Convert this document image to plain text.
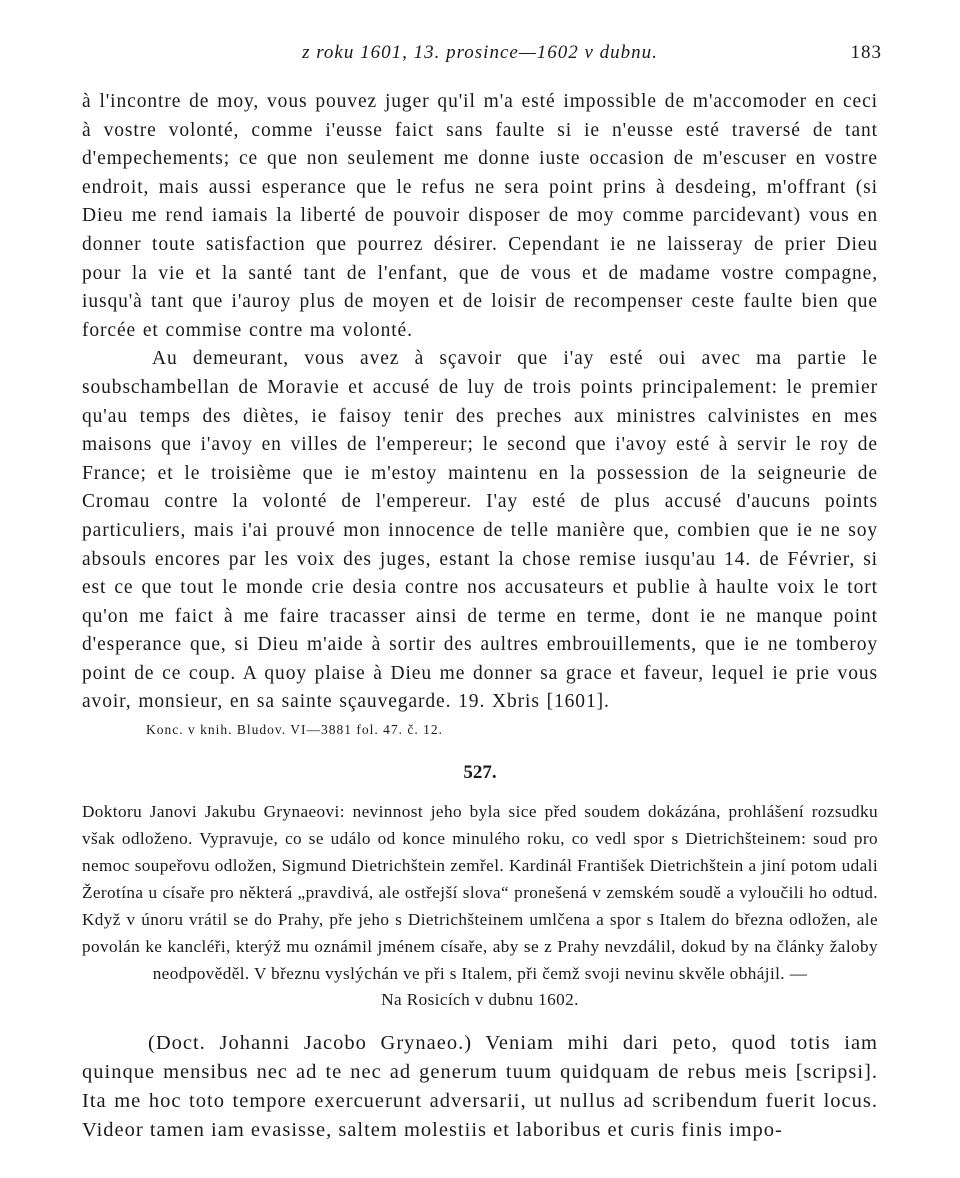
z roku 1601, 13. prosince—1602 v dubnu.	183

à l'incontre de moy, vous pouvez juger qu'il m'a esté impossible de m'accomoder en ceci à vostre volonté, comme i'eusse faict sans faulte si ie n'eusse esté traversé de tant d'empechements; ce que non seulement me donne iuste occasion de m'escuser en vostre endroit, mais aussi esperance que le refus ne sera point prins à desdeing, m'offrant (si Dieu me rend iamais la liberté de pouvoir disposer de moy comme parcidevant) vous en donner toute satisfaction que pourrez désirer. Cependant ie ne laisseray de prier Dieu pour la vie et la santé tant de l'enfant, que de vous et de madame vostre compagne, iusqu'à tant que i'auroy plus de moyen et de loisir de recompenser ceste faulte bien que forcée et commise contre ma volonté.

Au demeurant, vous avez à sçavoir que i'ay esté oui avec ma partie le soubschambellan de Moravie et accusé de luy de trois points principalement: le premier qu'au temps des diètes, ie faisoy tenir des preches aux ministres calvinistes en mes maisons que i'avoy en villes de l'empereur; le second que i'avoy esté à servir le roy de France; et le troisième que ie m'estoy maintenu en la possession de la seigneurie de Cromau contre la volonté de l'empereur. I'ay esté de plus accusé d'aucuns points particuliers, mais i'ai prouvé mon innocence de telle manière que, combien que ie ne soy absouls encores par les voix des juges, estant la chose remise iusqu'au 14. de Février, si est ce que tout le monde crie desia contre nos accusateurs et publie à haulte voix le tort qu'on me faict à me faire tracasser ainsi de terme en terme, dont ie ne manque point d'esperance que, si Dieu m'aide à sortir des aultres embrouillements, que ie ne tomberoy point de ce coup. A quoy plaise à Dieu me donner sa grace et faveur, lequel ie prie vous avoir, monsieur, en sa sainte sçauvegarde. 19. Xbris [1601].

Konc. v knih. Bludov. VI—3881 fol. 47. č. 12.
527.
Doktoru Janovi Jakubu Grynaeovi: nevinnost jeho byla sice před soudem dokázána, prohlášení rozsudku však odloženo. Vypravuje, co se událo od konce minulého roku, co vedl spor s Dietrichšteinem: soud pro nemoc soupeřovu odložen, Sigmund Dietrichštein zemřel. Kardinál František Dietrichštein a jiní potom udali Žerotína u císaře pro některá „pravdivá, ale ostřejší slova“ pronešená v zemském soudě a vyloučili ho odtud. Když v únoru vrátil se do Prahy, pře jeho s Dietrichšteinem umlčena a spor s Italem do března odložen, ale povolán ke kancléři, kterýž mu oznámil jménem císaře, aby se z Prahy nevzdálil, dokud by na články žaloby neodpověděl. V březnu vyslýchán ve při s Italem, při čemž svoji nevinu skvěle obhájil. —
Na Rosicích v dubnu 1602.
(Doct. Johanni Jacobo Grynaeo.) Veniam mihi dari peto, quod totis iam quinque mensibus nec ad te nec ad generum tuum quidquam de rebus meis [scripsi]. Ita me hoc toto tempore exercuerunt adversarii, ut nullus ad scribendum fuerit locus. Videor tamen iam evasisse, saltem molestiis et laboribus et curis finis impo-
